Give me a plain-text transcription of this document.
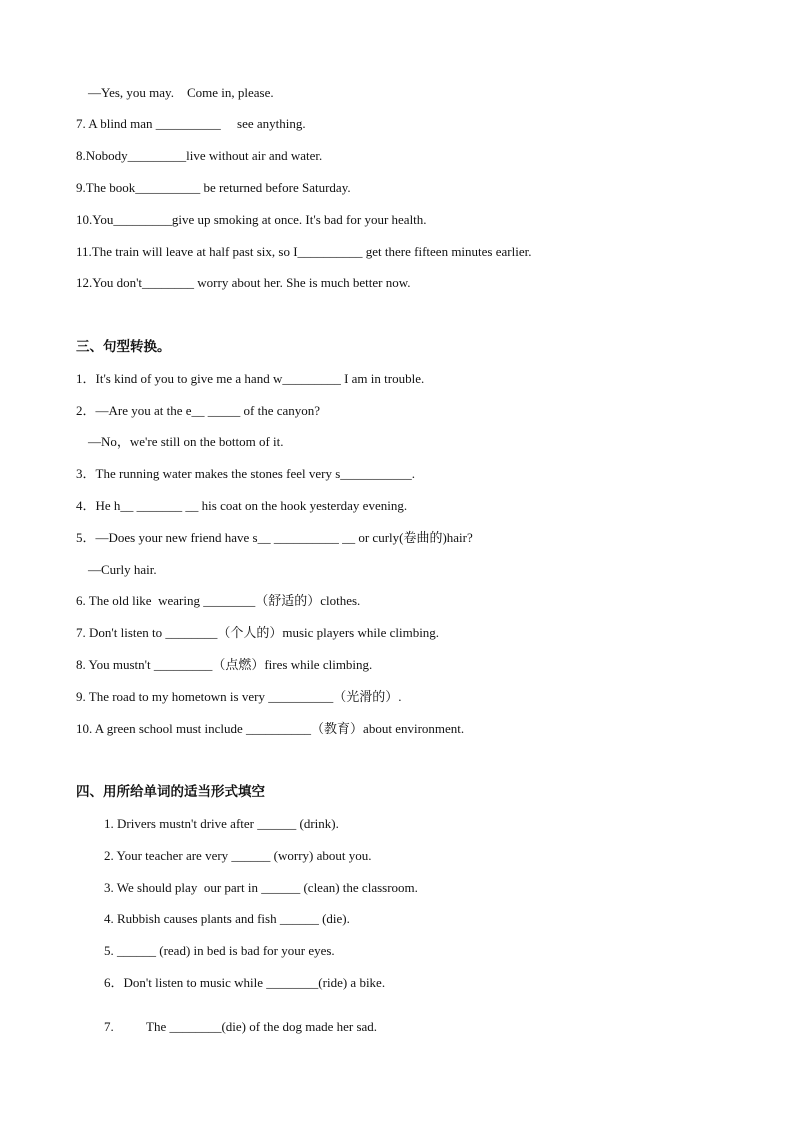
—Yes, you may.    Come in, please.
7. A blind man __________     see anything.
8.Nobody_________live without air and water.
9.The book__________ be returned before Saturday.
10.You_________give up smoking at once. It's bad for your health.
11.The train will leave at half past six, so I__________ get there fifteen minutes earlier.
12.You don't________ worry about her. She is much better now.
三、句型转换。
1．It's kind of you to give me a hand w_________ I am in trouble.
2．—Are you at the e__ _____ of the canyon?
—No，we're still on the bottom of it.
3．The running water makes the stones feel very s___________.
4．He h__ _______ __ his coat on the hook yesterday evening.
5．—Does your new friend have s__ __________ __ or curly(卷曲的)hair?
—Curly hair.
6. The old like  wearing ________（舒适的）clothes.
7. Don't listen to ________（个人的）music players while climbing.
8. You mustn't _________（点燃）fires while climbing.
9. The road to my hometown is very __________（光滑的）.
10. A green school must include __________（教育）about environment.
四、用所给单词的适当形式填空
1. Drivers mustn't drive after ______ (drink).
2. Your teacher are very ______ (worry) about you.
3. We should play  our part in ______ (clean) the classroom.
4. Rubbish causes plants and fish ______ (die).
5. ______ (read) in bed is bad for your eyes.
6．Don't listen to music while ________(ride) a bike.
7.          The ________(die) of the dog made her sad.
